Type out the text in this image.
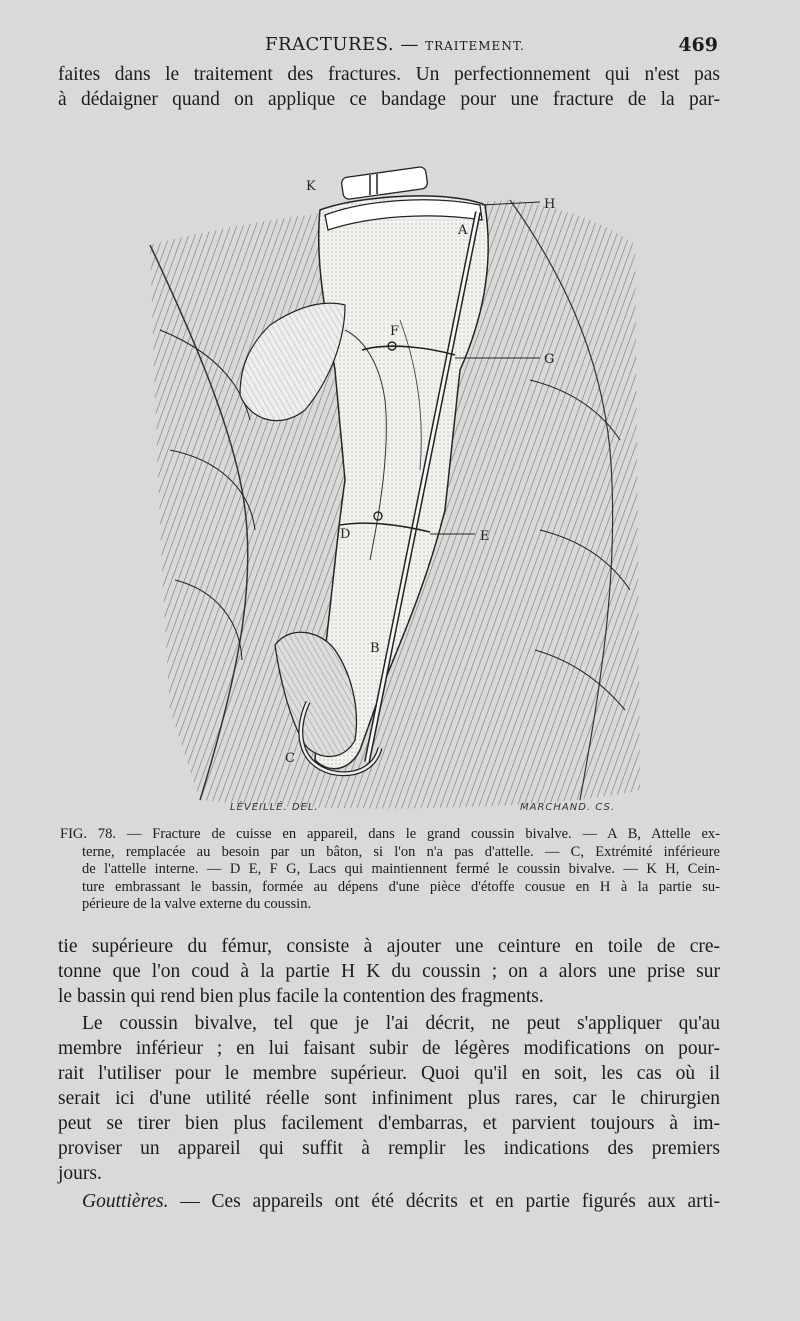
FRACTURES. — TRAITEMENT.	469

faites dans le traitement des fractures. Un perfectionnement qui n'est pas

à dédaigner quand on applique ce bandage pour une fracture de la par-

K
H
A
F
G
D	E
B
C
LÉVEILLÉ. DEL.	MARCHAND. CS.
FIG. 78. — Fracture de cuisse en appareil, dans le grand coussin bivalve. — A B, Attelle ex-
terne, remplacée au besoin par un bâton, si l'on n'a pas d'attelle. — C, Extrémité inférieure
de l'attelle interne. — D E, F G, Lacs qui maintiennent fermé le coussin bivalve. — K H, Cein-
ture embrassant le bassin, formée au dépens d'une pièce d'étoffe cousue en H à la partie su-
périeure de la valve externe du coussin.

tie supérieure du fémur, consiste à ajouter une ceinture en toile de cre-

tonne que l'on coud à la partie H K du coussin ; on a alors une prise sur

le bassin qui rend bien plus facile la contention des fragments.

Le coussin bivalve, tel que je l'ai décrit, ne peut s'appliquer qu'au

membre inférieur ; en lui faisant subir de légères modifications on pour-

rait l'utiliser pour le membre supérieur. Quoi qu'il en soit, les cas où il

serait ici d'une utilité réelle sont infiniment plus rares, car le chirurgien

peut se tirer bien plus facilement d'embarras, et parvient toujours à im-

proviser un appareil qui suffit à remplir les indications des premiers

jours.

Gouttières. — Ces appareils ont été décrits et en partie figurés aux arti-
